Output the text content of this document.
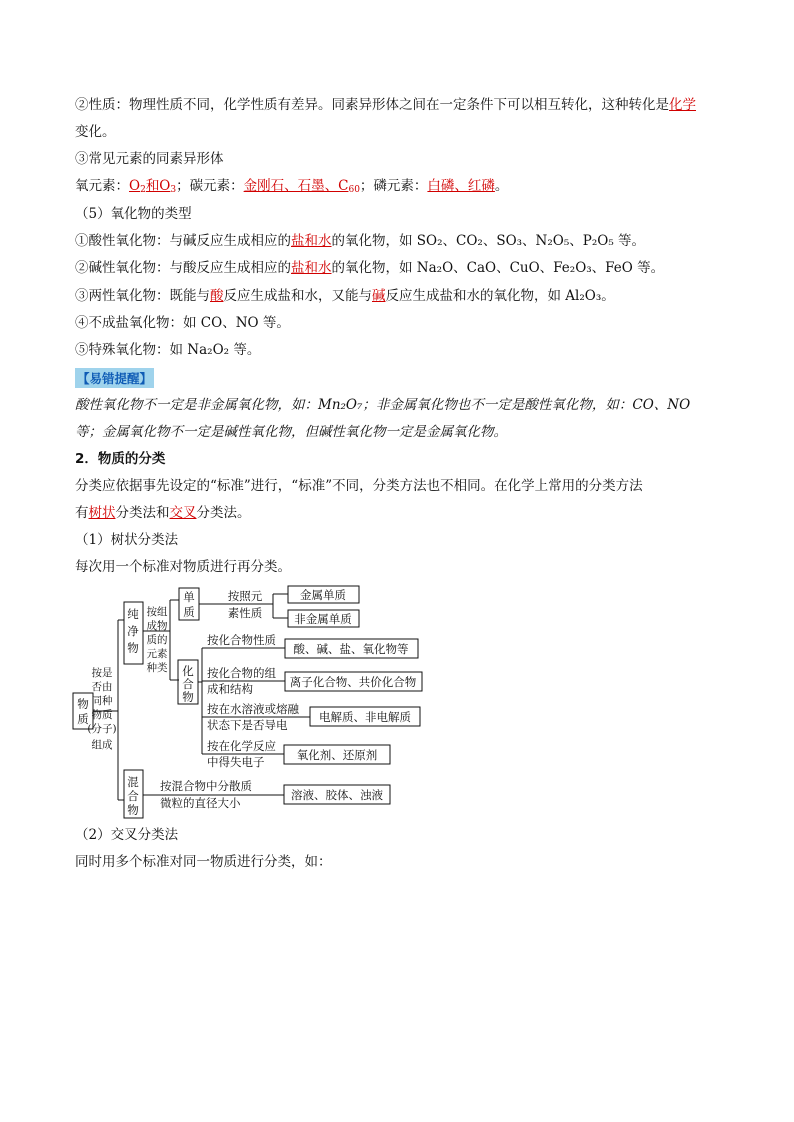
②性质：物理性质不同，化学性质有差异。同素异形体之间在一定条件下可以相互转化，这种转化是化学
变化。
③常见元素的同素异形体
氧元素：$O_2$和$O_3$；碳元素：金刚石、石墨、$C_{60}$；磷元素：白磷、红磷。
（5）氧化物的类型
①酸性氧化物：与碱反应生成相应的盐和水的氧化物，如 SO₂、CO₂、SO₃、N₂O₅、P₂O₅ 等。
②碱性氧化物：与酸反应生成相应的盐和水的氧化物，如 Na₂O、CaO、CuO、Fe₂O₃、FeO 等。
③两性氧化物：既能与酸反应生成盐和水，又能与碱反应生成盐和水的氧化物，如 Al₂O₃。
④不成盐氧化物：如 CO、NO 等。
⑤特殊氧化物：如 Na₂O₂ 等。
【易错提醒】
酸性氧化物不一定是非金属氧化物，如：Mn₂O₇；非金属氧化物也不一定是酸性氧化物，如：CO、NO
等；金属氧化物不一定是碱性氧化物，但碱性氧化物一定是金属氧化物。
2．物质的分类
分类应依据事先设定的“标准”进行，“标准”不同，分类方法也不相同。在化学上常用的分类方法
有树状分类法和交叉分类法。
（1）树状分类法
每次用一个标准对物质进行再分类。
物
质
按是
否由
同种
物质
(分子)
组成
纯
净
物
按组
成物
质的
元素
种类
单
质
按照元
素性质
金属单质
非金属单质
化
合
物
按化合物性质
酸、碱、盐、氧化物等
按化合物的组
成和结构	离子化合物、共价化合物
按在水溶液或熔融
状态下是否导电
电解质、非电解质
按在化学反应
中得失电子	氧化剂、还原剂
混
合
物
按混合物中分散质
微粒的直径大小
溶液、胶体、浊液
（2）交叉分类法
同时用多个标准对同一物质进行分类，如：
